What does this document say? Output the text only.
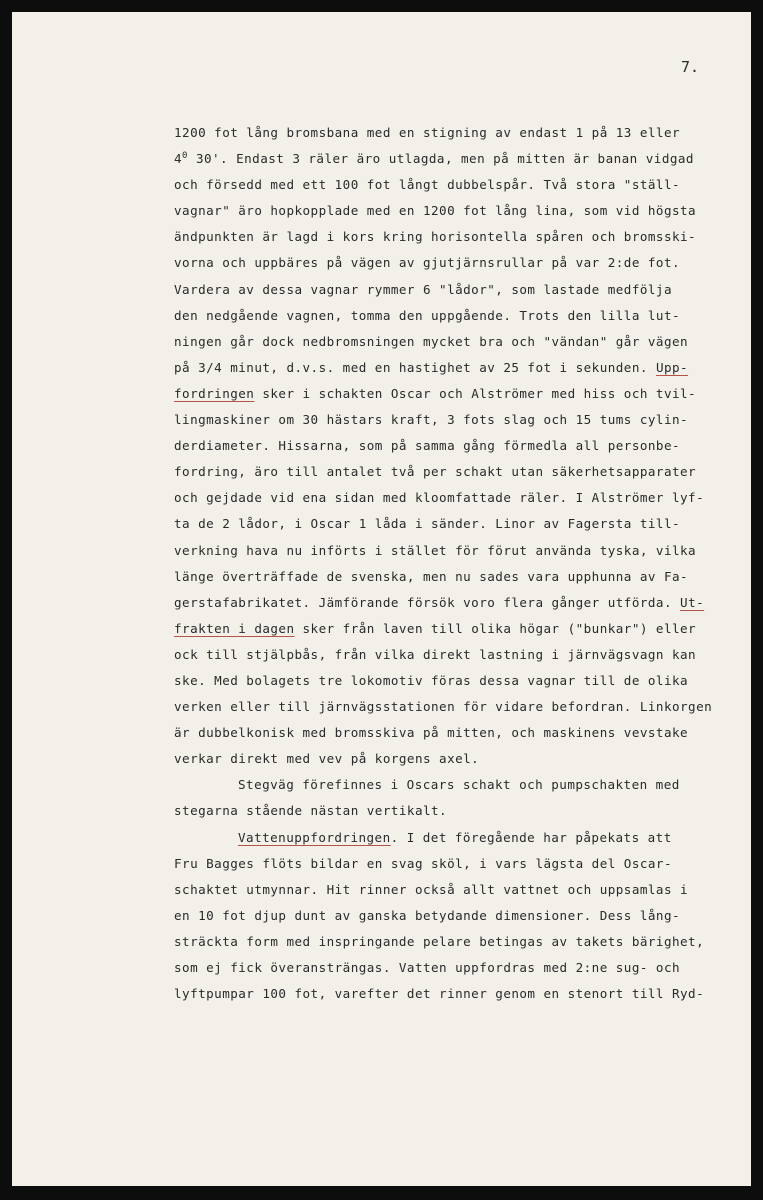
7.
1200 fot lång bromsbana med en stigning av endast 1 på 13 eller
$4^0$ 30'. Endast 3 räler äro utlagda, men på mitten är banan vidgad
och försedd med ett 100 fot långt dubbelspår. Två stora "ställ-
vagnar" äro hopkopplade med en 1200 fot lång lina, som vid högsta
ändpunkten är lagd i kors kring horisontella spåren och bromsski-
vorna och uppbäres på vägen av gjutjärnsrullar på var 2:de fot.
Vardera av dessa vagnar rymmer 6 "lådor", som lastade medfölja
den nedgående vagnen, tomma den uppgående. Trots den lilla lut-
ningen går dock nedbromsningen mycket bra och "vändan" går vägen
på 3/4 minut, d.v.s. med en hastighet av 25 fot i sekunden. Upp-
fordringen sker i schakten Oscar och Alströmer med hiss och tvil-
lingmaskiner om 30 hästars kraft, 3 fots slag och 15 tums cylin-
derdiameter. Hissarna, som på samma gång förmedla all personbe-
fordring, äro till antalet två per schakt utan säkerhetsapparater
och gejdade vid ena sidan med kloomfattade räler. I Alströmer lyf-
ta de 2 lådor, i Oscar 1 låda i sänder. Linor av Fagersta till-
verkning hava nu införts i stället för förut använda tyska, vilka
länge överträffade de svenska, men nu sades vara upphunna av Fa-
gerstafabrikatet. Jämförande försök voro flera gånger utförda. Ut-
frakten i dagen sker från laven till olika högar ("bunkar") eller
ock till stjälpbås, från vilka direkt lastning i järnvägsvagn kan
ske. Med bolagets tre lokomotiv föras dessa vagnar till de olika
verken eller till järnvägsstationen för vidare befordran. Linkorgen
är dubbelkonisk med bromsskiva på mitten, och maskinens vevstake
verkar direkt med vev på korgens axel.
Stegväg förefinnes i Oscars schakt och pumpschakten med
stegarna stående nästan vertikalt.
Vattenuppfordringen. I det föregående har påpekats att
Fru Bagges flöts bildar en svag sköl, i vars lägsta del Oscar-
schaktet utmynnar. Hit rinner också allt vattnet och uppsamlas i
en 10 fot djup dunt av ganska betydande dimensioner. Dess lång-
sträckta form med inspringande pelare betingas av takets bärighet,
som ej fick överansträngas. Vatten uppfordras med 2:ne sug- och
lyftpumpar 100 fot, varefter det rinner genom en stenort till Ryd-
